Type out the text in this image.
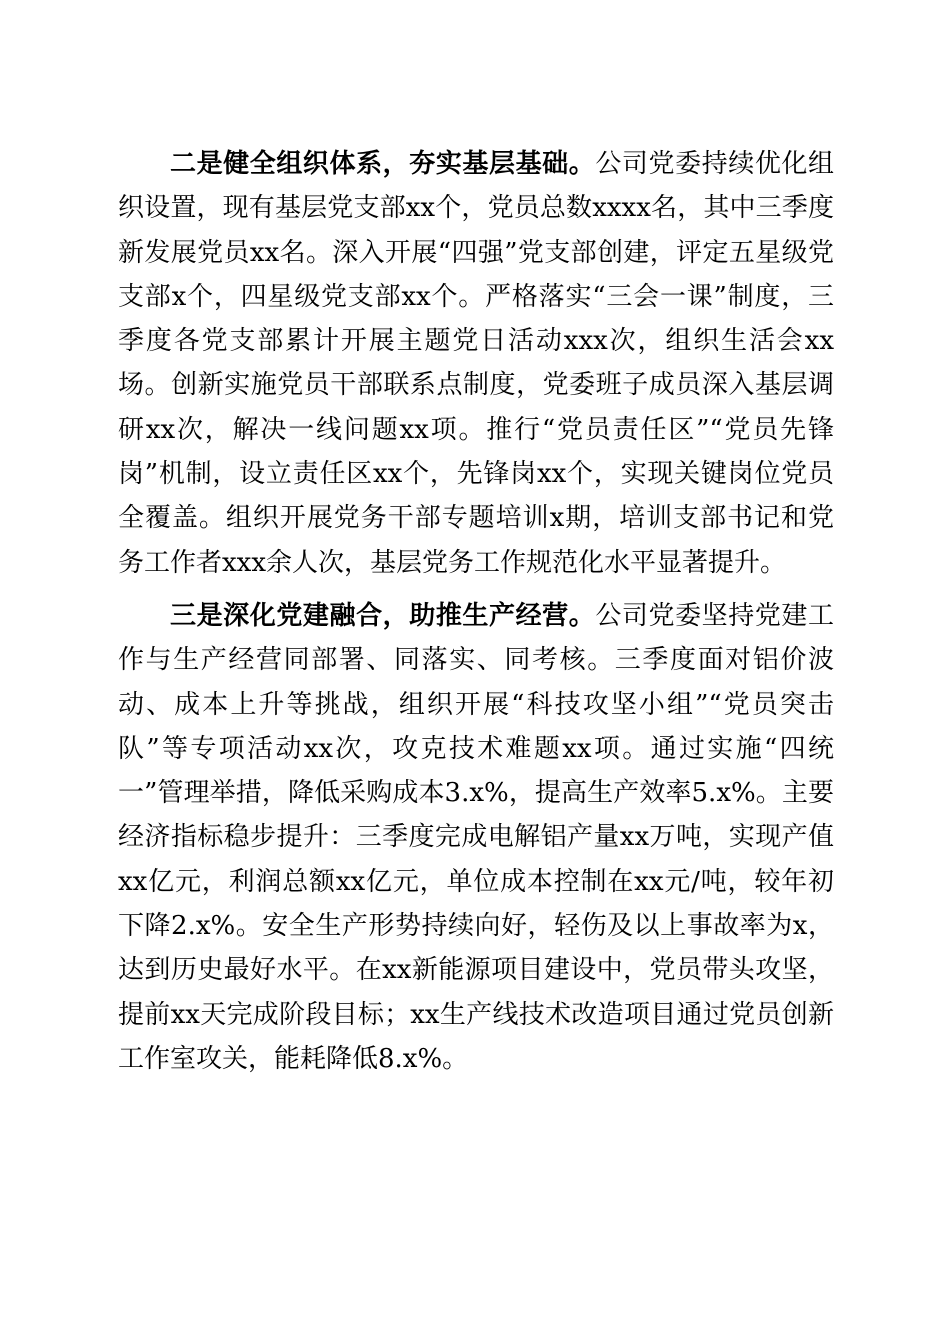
二是健全组织体系，夯实基层基础。公司党委持续优化组织设置，现有基层党支部xx个，党员总数xxxx名，其中三季度新发展党员xx名。深入开展“四强”党支部创建，评定五星级党支部x个，四星级党支部xx个。严格落实“三会一课”制度，三季度各党支部累计开展主题党日活动xxx次，组织生活会xx场。创新实施党员干部联系点制度，党委班子成员深入基层调研xx次，解决一线问题xx项。推行“党员责任区”“党员先锋岗”机制，设立责任区xx个，先锋岗xx个，实现关键岗位党员全覆盖。组织开展党务干部专题培训x期，培训支部书记和党务工作者xxx余人次，基层党务工作规范化水平显著提升。

三是深化党建融合，助推生产经营。公司党委坚持党建工作与生产经营同部署、同落实、同考核。三季度面对铝价波动、成本上升等挑战，组织开展“科技攻坚小组”“党员突击队”等专项活动xx次，攻克技术难题xx项。通过实施“四统一”管理举措，降低采购成本3.x%，提高生产效率5.x%。主要经济指标稳步提升：三季度完成电解铝产量xx万吨，实现产值xx亿元，利润总额xx亿元，单位成本控制在xx元/吨，较年初下降2.x%。安全生产形势持续向好，轻伤及以上事故率为x，达到历史最好水平。在xx新能源项目建设中，党员带头攻坚，提前xx天完成阶段目标；xx生产线技术改造项目通过党员创新工作室攻关，能耗降低8.x%。
